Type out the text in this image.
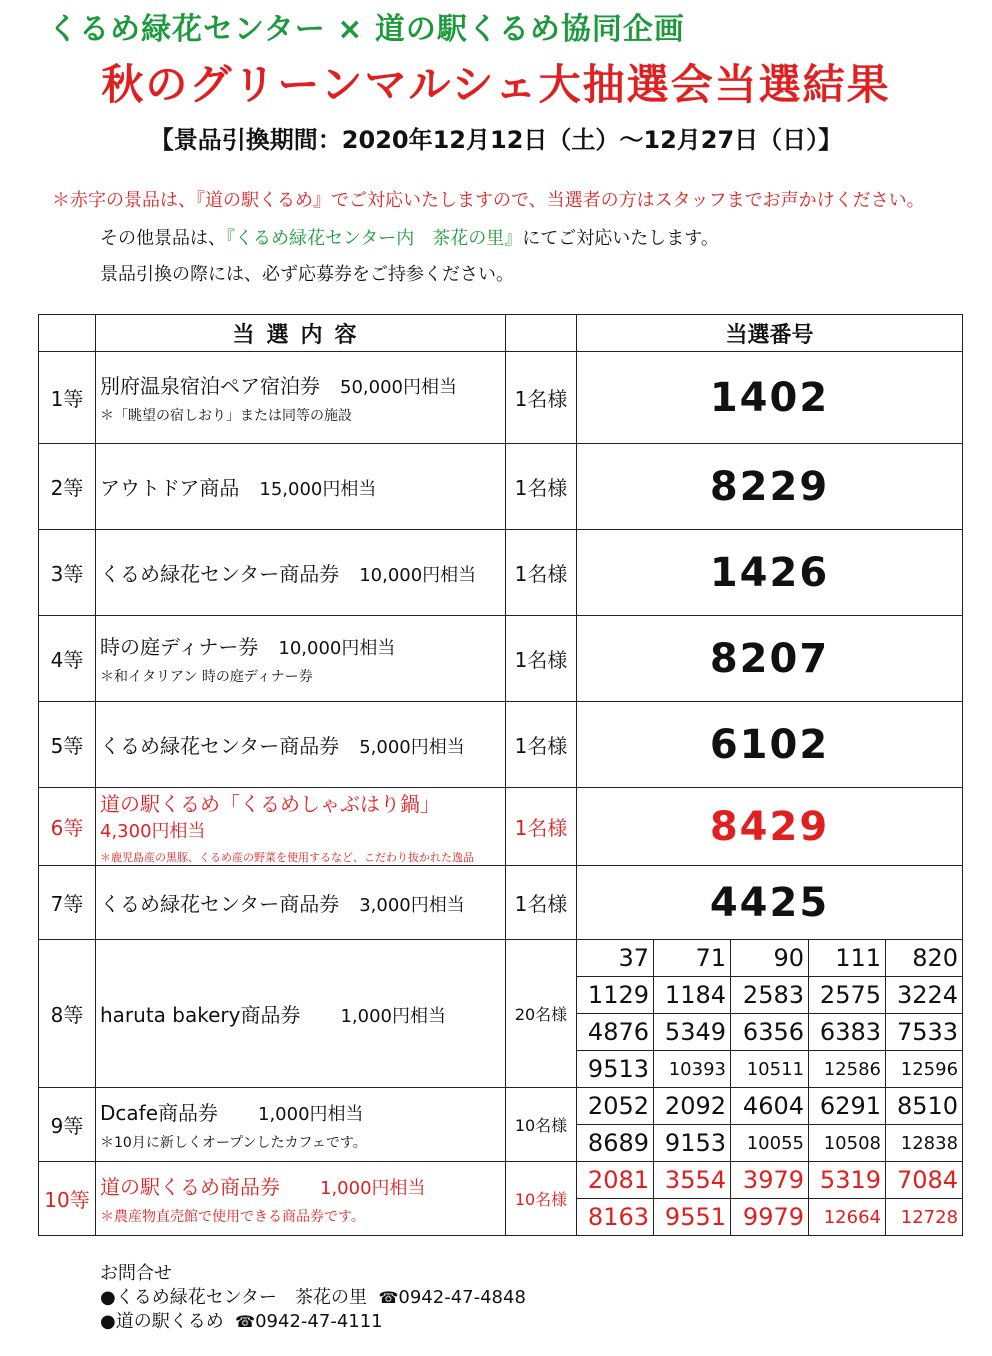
くるめ緑花センター × 道の駅くるめ協同企画
秋のグリーンマルシェ大抽選会当選結果
【景品引換期間：2020年12月12日（土）～12月27日（日）】
＊赤字の景品は、『道の駅くるめ』でご対応いたしますので、当選者の方はスタッフまでお声かけください。
その他景品は、『くるめ緑花センター内　茶花の里』にてご対応いたします。
景品引換の際には、必ず応募券をご持参ください。
	当選内容		当選番号				
1等	別府温泉宿泊ペア宿泊券  50,000円相当
＊「眺望の宿しおり」または同等の施設	1名様	1402				
2等	アウトドア商品  15,000円相当	1名様	8229				
3等	くるめ緑花センター商品券  10,000円相当	1名様	1426				
4等	時の庭ディナー券  10,000円相当
＊和イタリアン 時の庭ディナー券	1名様	8207				
5等	くるめ緑花センター商品券  5,000円相当	1名様	6102				
6等	道の駅くるめ「くるめしゃぶはり鍋」 4,300円相当
＊鹿児島産の黒豚、くるめ産の野菜を使用するなど、こだわり抜かれた逸品	1名様	8429				
7等	くるめ緑花センター商品券  3,000円相当	1名様	4425				
8等	haruta bakery商品券   1,000円相当	20名様	37	71	90	111	820
			1129	1184	2583	2575	3224
			4876	5349	6356	6383	7533
			9513	10393	10511	12586	12596
9等	Dcafe商品券   1,000円相当
＊10月に新しくオープンしたカフェです。	10名様	2052	2092	4604	6291	8510
			8689	9153	10055	10508	12838
10等	道の駅くるめ商品券   1,000円相当
＊農産物直売館で使用できる商品券です。	10名様	2081	3554	3979	5319	7084
			8163	9551	9979	12664	12728
お問合せ
●くるめ緑花センター　茶花の里 ☎0942-47-4848
●道の駅くるめ ☎0942-47-4111
